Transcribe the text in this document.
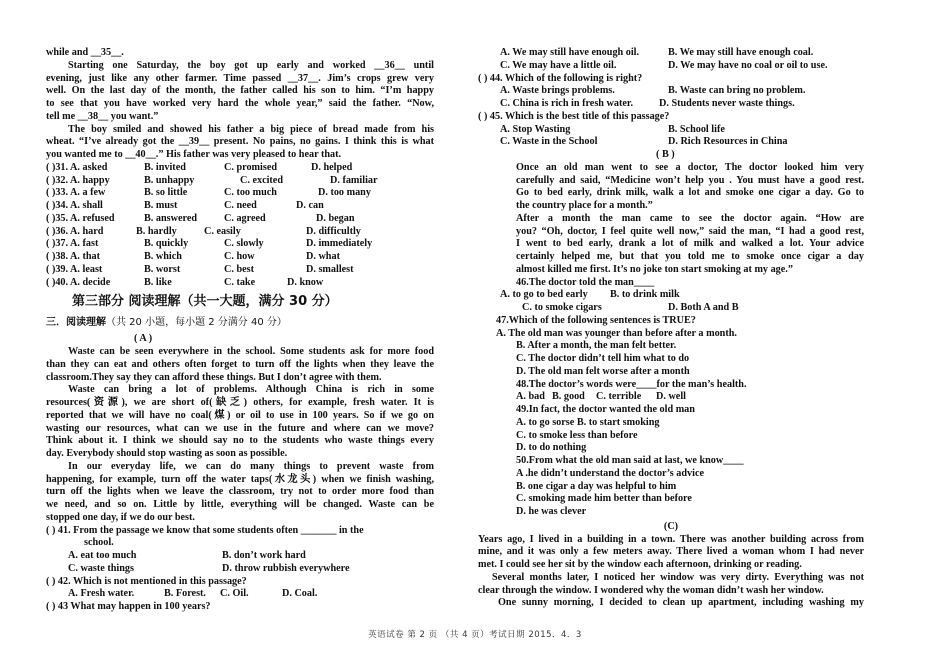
while and __35__.
Starting one Saturday, the boy got up early and worked __36__ until
evening, just like any other farmer. Time passed __37__. Jim’s crops grew very
well. On the last day of the month, the father called his son to him. “I’m happy
to see that you have worked very hard the whole year,” said the father. “Now,
tell me __38__ you want.”
The boy smiled and showed his father a big piece of bread made from his
wheat. “I’ve already got the __39__ present. No pains, no gains. I think this is what
you wanted me to __40__.” His father was very pleased to hear that.
( )31. A. asked	B. invited	C. promised	D. helped
( )32. A. happy	B. unhappy	C. excited	D. familiar
( )33. A. a few	B. so little	C. too much	D. too many
( )34. A. shall	B. must	C. need	D. can
( )35. A. refused	B. answered	C. agreed	D. began
( )36. A. hard	B. hardly	C. easily	D. difficultly
( )37. A. fast	B. quickly	C. slowly	D. immediately
( )38. A. that	B. which	C. how	D. what
( )39. A. least	B. worst	C. best	D. smallest
( )40. A. decide	B. like	C. take	D. know
第三部分 阅读理解（共一大题，满分 30 分）
三．阅读理解（共 20 小题，每小题 2 分满分 40 分）
( A )
Waste can be seen everywhere in the school. Some students ask for more food
than they can eat and others often forget to turn off the lights when they leave the
classroom.They say they can afford these things. But I don’t agree with them.
Waste can bring a lot of problems. Although China is rich in some
resources(资源), we are short of(缺乏) others, for example, fresh water. It is
reported that we will have no coal(煤) or oil to use in 100 years. So if we go on
wasting our resources, what can we use in the future and where can we move?
Think about it. I think we should say no to the students who waste things every
day. Everybody should stop wasting as soon as possible.
In our everyday life, we can do many things to prevent waste from
happening, for example, turn off the water taps(水龙头) when we finish washing,
turn off the lights when we leave the classroom, try not to order more food than
we need, and so on. Little by little, everything will be changed. Waste can be
stopped one day, if we do our best.
( ) 41. From the passage we know that some students often _______ in the
school.
A. eat too much	B. don’t work hard
C. waste things	D. throw rubbish everywhere
( ) 42. Which is not mentioned in this passage?
A. Fresh water.	B. Forest. C. Oil.	D. Coal.
( ) 43 What may happen in 100 years?
A. We may still have enough oil.	B. We may still have enough coal.
C. We may have a little oil.	D. We may have no coal or oil to use.
( ) 44. Which of the following is right?
A. Waste brings problems.	B. Waste can bring no problem.
C. China is rich in fresh water.	D. Students never waste things.
( ) 45. Which is the best title of this passage?
A. Stop Wasting	B. School life
C. Waste in the School	D. Rich Resources in China
( B )
Once an old man went to see a doctor, The doctor looked him very
carefully and said, “Medicine won’t help you . You must have a good rest.
Go to bed early, drink milk, walk a lot and smoke one cigar a day. Go to
the country place for a month.”
After a month the man came to see the doctor again. “How are
you? “Oh, doctor, I feel quite well now,” said the man, “I had a good rest,
I went to bed early, drank a lot of milk and walked a lot. Your advice
certainly helped me, but that you told me to smoke once cigar a day
almost killed me first. It’s no joke ton start smoking at my age.”
46.The doctor told the man____
A. to go to bed early B. to drink milk
C. to smoke cigars	D. Both A and B
47.Which of the following sentences is TRUE?
A. The old man was younger than before after a month.
B. After a month, the man felt better.
C. The doctor didn’t tell him what to do
D. The old man felt worse after a month
48.The doctor’s words were____for the man’s health.
A. bad B. good C. terrible D. well
49.In fact, the doctor wanted the old man
A. to go sorse B. to start smoking
C. to smoke less than before
D. to do nothing
50.From what the old man said at last, we know____
A .he didn’t understand the doctor’s advice
B. one cigar a day was helpful to him
C. smoking made him better than before
D. he was clever
(C)
Years ago, I lived in a building in a town. There was another building across from
mine, and it was only a few meters away. There lived a woman whom I had never
met. I could see her sit by the window each afternoon, drinking or reading.
Several months later, I noticed her window was very dirty. Everything was not
clear through the window. I wondered why the woman didn’t wash her window.
One sunny morning, I decided to clean up apartment, including washing my
英语试卷 第 2 页 （共 4 页）考试日期 2015．4．3
